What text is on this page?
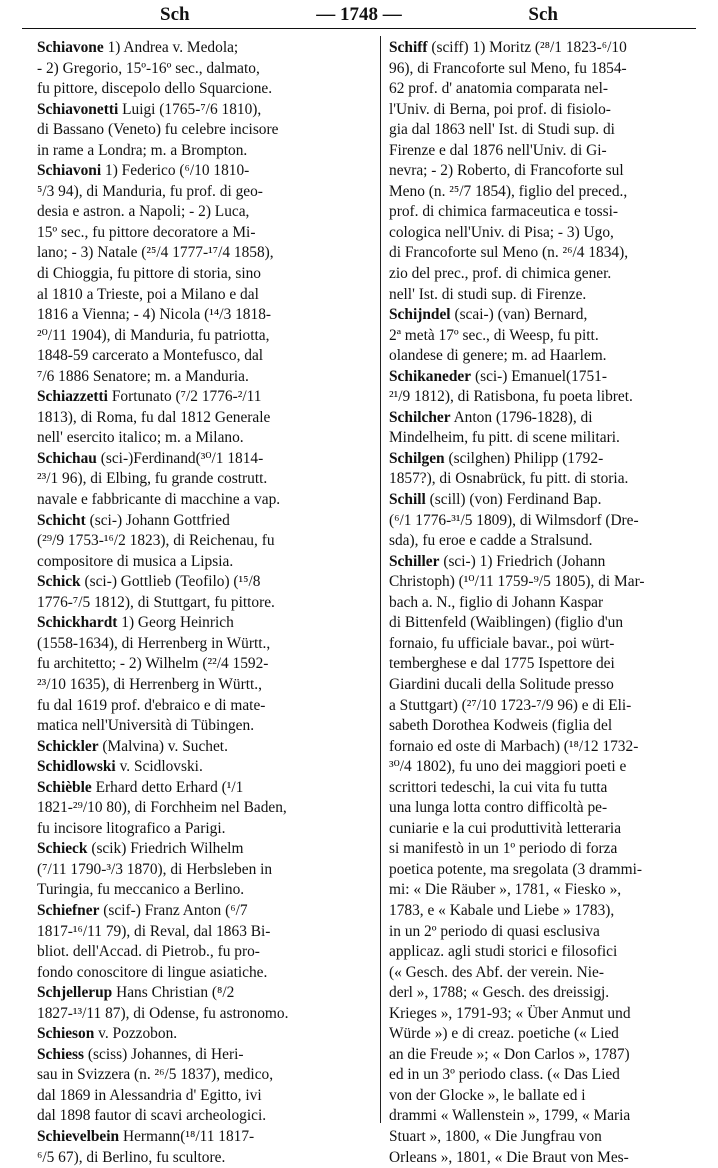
Sch	— 1748 —	Sch
Schiavone 1) Andrea v. Medola;
- 2) Gregorio, 15º-16º sec., dalmato,
fu pittore, discepolo dello Squarcione.
Schiavonetti Luigi (1765-⁷/6 1810),
di Bassano (Veneto) fu celebre incisore
in rame a Londra; m. a Brompton.
Schiavoni 1) Federico (⁶/10 1810-
⁵/3 94), di Manduria, fu prof. di geo-
desia e astron. a Napoli; - 2) Luca,
15º sec., fu pittore decoratore a Mi-
lano; - 3) Natale (²⁵/4 1777-¹⁷/4 1858),
di Chioggia, fu pittore di storia, sino
al 1810 a Trieste, poi a Milano e dal
1816 a Vienna; - 4) Nicola (¹⁴/3 1818-
²⁰/11 1904), di Manduria, fu patriotta,
1848-59 carcerato a Montefusco, dal
⁷/6 1886 Senatore; m. a Manduria.
Schiazzetti Fortunato (⁷/2 1776-²/11
1813), di Roma, fu dal 1812 Generale
nell' esercito italico; m. a Milano.
Schichau (sci-)Ferdinand(³⁰/1 1814-
²³/1 96), di Elbing, fu grande costrutt.
navale e fabbricante di macchine a vap.
Schicht (sci-) Johann Gottfried
(²⁹/9 1753-¹⁶/2 1823), di Reichenau, fu
compositore di musica a Lipsia.
Schick (sci-) Gottlieb (Teofilo) (¹⁵/8
1776-⁷/5 1812), di Stuttgart, fu pittore.
Schickhardt 1) Georg Heinrich
(1558-1634), di Herrenberg in Württ.,
fu architetto; - 2) Wilhelm (²²/4 1592-
²³/10 1635), di Herrenberg in Württ.,
fu dal 1619 prof. d'ebraico e di mate-
matica nell'Università di Tübingen.
Schickler (Malvina) v. Suchet.
Schidlowski v. Scidlovski.
Schièble Erhard detto Erhard (¹/1
1821-²⁹/10 80), di Forchheim nel Baden,
fu incisore litografico a Parigi.
Schieck (scik) Friedrich Wilhelm
(⁷/11 1790-³/3 1870), di Herbsleben in
Turingia, fu meccanico a Berlino.
Schiefner (scif-) Franz Anton (⁶/7
1817-¹⁶/11 79), di Reval, dal 1863 Bi-
bliot. dell'Accad. di Pietrob., fu pro-
fondo conoscitore di lingue asiatiche.
Schjellerup Hans Christian (⁸/2
1827-¹³/11 87), di Odense, fu astronomo.
Schieson v. Pozzobon.
Schiess (sciss) Johannes, di Heri-
sau in Svizzera (n. ²⁶/5 1837), medico,
dal 1869 in Alessandria d' Egitto, ivi
dal 1898 fautor di scavi archeologici.
Schievelbein Hermann(¹⁸/11 1817-
⁶/5 67), di Berlino, fu scultore.
Schiff (sciff) 1) Moritz (²⁸/1 1823-⁶/10
96), di Francoforte sul Meno, fu 1854-
62 prof. d' anatomia comparata nel-
l'Univ. di Berna, poi prof. di fisiolo-
gia dal 1863 nell' Ist. di Studi sup. di
Firenze e dal 1876 nell'Univ. di Gi-
nevra; - 2) Roberto, di Francoforte sul
Meno (n. ²⁵/7 1854), figlio del preced.,
prof. di chimica farmaceutica e tossi-
cologica nell'Univ. di Pisa; - 3) Ugo,
di Francoforte sul Meno (n. ²⁶/4 1834),
zio del prec., prof. di chimica gener.
nell' Ist. di studi sup. di Firenze.
Schijndel (scai-) (van) Bernard,
2ª metà 17º sec., di Weesp, fu pitt.
olandese di genere; m. ad Haarlem.
Schikaneder (sci-) Emanuel(1751-
²¹/9 1812), di Ratisbona, fu poeta libret.
Schilcher Anton (1796-1828), di
Mindelheim, fu pitt. di scene militari.
Schilgen (scilghen) Philipp (1792-
1857?), di Osnabrück, fu pitt. di storia.
Schill (scill) (von) Ferdinand Bap.
(⁶/1 1776-³¹/5 1809), di Wilmsdorf (Dre-
sda), fu eroe e cadde a Stralsund.
Schiller (sci-) 1) Friedrich (Johann
Christoph) (¹⁰/11 1759-⁹/5 1805), di Mar-
bach a. N., figlio di Johann Kaspar
di Bittenfeld (Waiblingen) (figlio d'un
fornaio, fu ufficiale bavar., poi würt-
temberghese e dal 1775 Ispettore dei
Giardini ducali della Solitude presso
a Stuttgart) (²⁷/10 1723-⁷/9 96) e di Eli-
sabeth Dorothea Kodweis (figlia del
fornaio ed oste di Marbach) (¹⁸/12 1732-
³⁰/4 1802), fu uno dei maggiori poeti e
scrittori tedeschi, la cui vita fu tutta
una lunga lotta contro difficoltà pe-
cuniarie e la cui produttività letteraria
si manifestò in un 1º periodo di forza
poetica potente, ma sregolata (3 drammi-
mi: « Die Räuber », 1781, « Fiesko »,
1783, e « Kabale und Liebe » 1783),
in un 2º periodo di quasi esclusiva
applicaz. agli studi storici e filosofici
(« Gesch. des Abf. der verein. Nie-
derl », 1788; « Gesch. des dreissigj.
Krieges », 1791-93; « Über Anmut und
Würde ») e di creaz. poetiche (« Lied
an die Freude »; « Don Carlos », 1787)
ed in un 3º periodo class. (« Das Lied
von der Glocke », le ballate ed i
drammi « Wallenstein », 1799, « Maria
Stuart », 1800, « Die Jungfrau von
Orleans », 1801, « Die Braut von Mes-
